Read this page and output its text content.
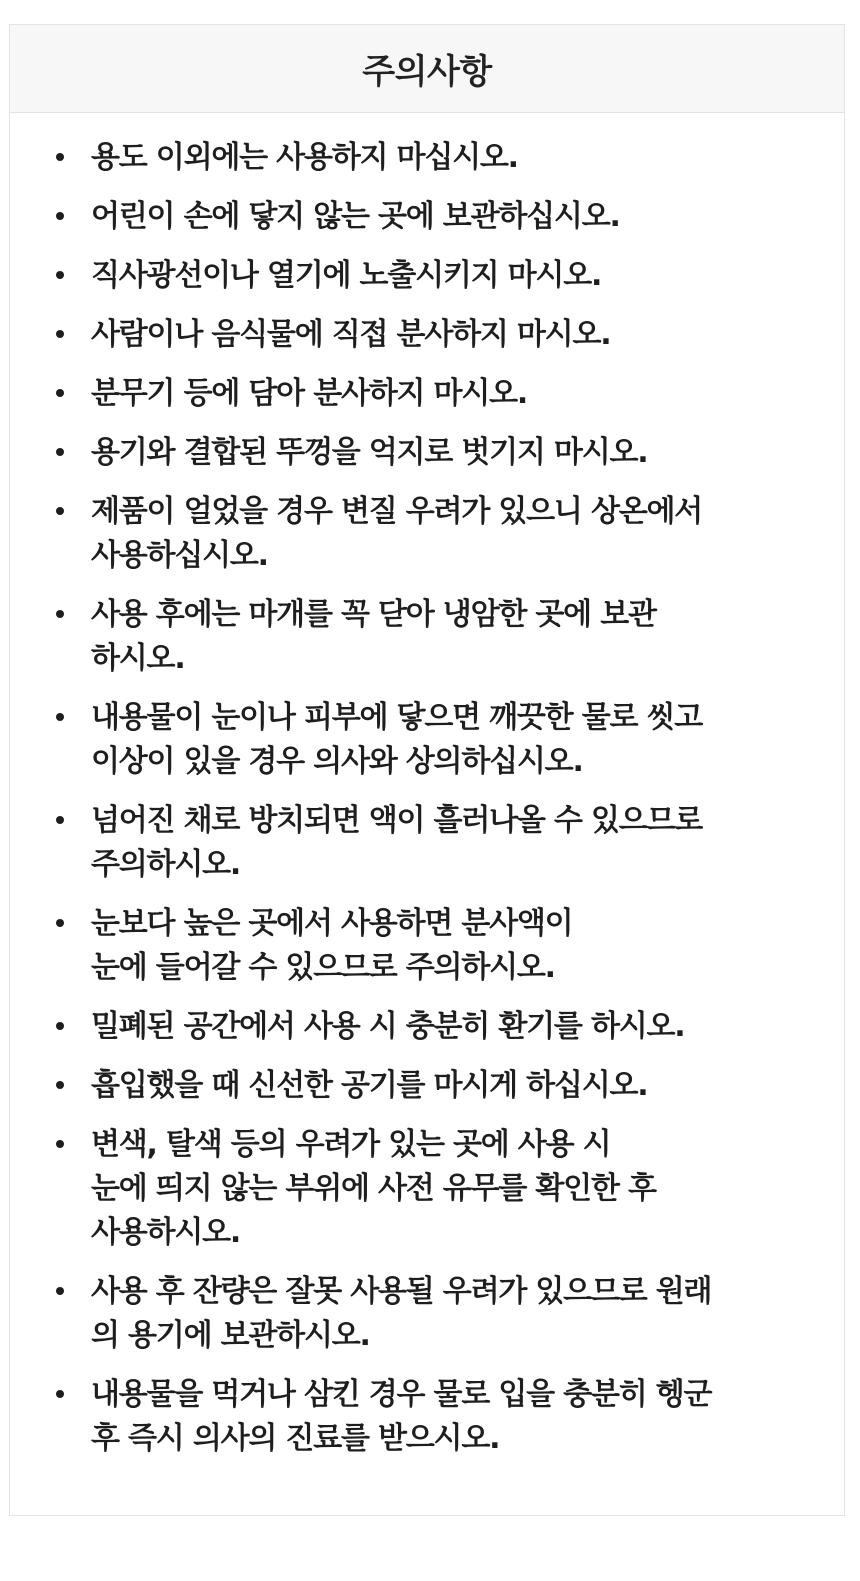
주의사항
용도 이외에는 사용하지 마십시오.
어린이 손에 닿지 않는 곳에 보관하십시오.
직사광선이나 열기에 노출시키지 마시오.
사람이나 음식물에 직접 분사하지 마시오.
분무기 등에 담아 분사하지 마시오.
용기와 결합된 뚜껑을 억지로 벗기지 마시오.
제품이 얼었을 경우 변질 우려가 있으니 상온에서
사용하십시오.
사용 후에는 마개를 꼭 닫아 냉암한 곳에 보관
하시오.
내용물이 눈이나 피부에 닿으면 깨끗한 물로 씻고
이상이 있을 경우 의사와 상의하십시오.
넘어진 채로 방치되면 액이 흘러나올 수 있으므로
주의하시오.
눈보다 높은 곳에서 사용하면 분사액이
눈에 들어갈 수 있으므로 주의하시오.
밀폐된 공간에서 사용 시 충분히 환기를 하시오.
흡입했을 때 신선한 공기를 마시게 하십시오.
변색, 탈색 등의 우려가 있는 곳에 사용 시
눈에 띄지 않는 부위에 사전 유무를 확인한 후
사용하시오.
사용 후 잔량은 잘못 사용될 우려가 있으므로 원래
의 용기에 보관하시오.
내용물을 먹거나 삼킨 경우 물로 입을 충분히 헹군
후 즉시 의사의 진료를 받으시오.
